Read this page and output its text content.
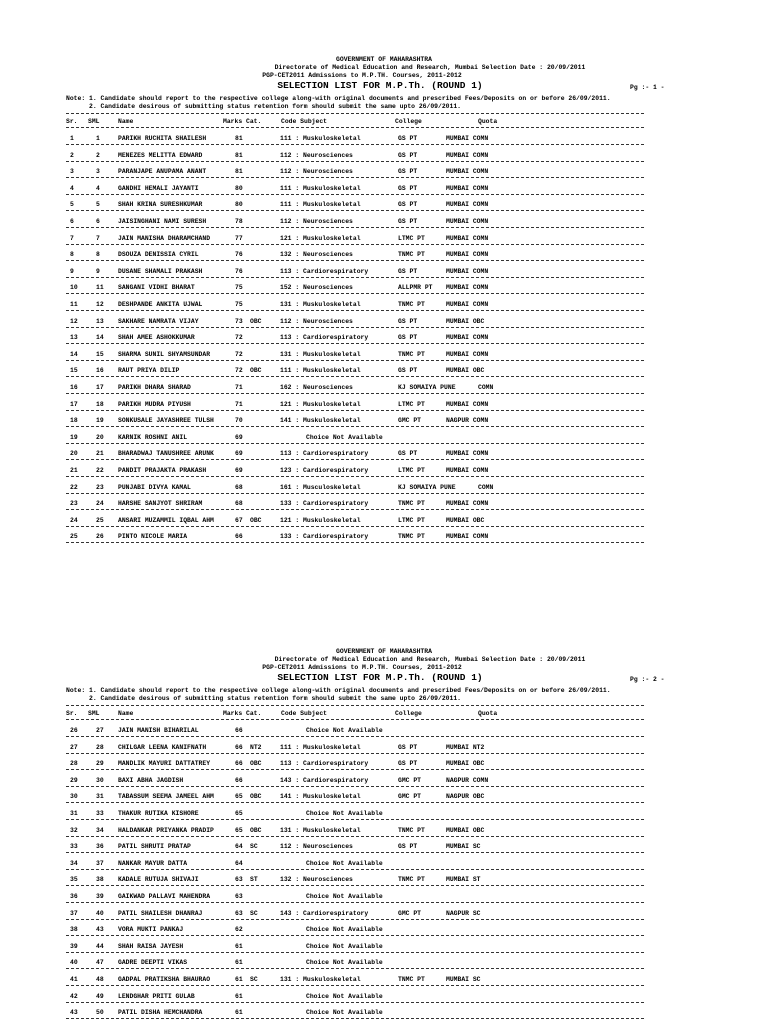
GOVERNMENT OF MAHARASHTRA
Directorate of Medical Education and Research, Mumbai Selection Date : 20/09/2011
PGP-CET2011 Admissions to M.P.TH. Courses, 2011-2012
SELECTION LIST FOR M.P.Th. (ROUND 1)	Pg :- 1 -
Note: 1. Candidate should report to the respective college along-with original documents and prescribed Fees/Deposits on or before 26/09/2011.
2. Candidate desirous of submitting status retention form should submit the same upto 26/09/2011.
Sr. SML	Name	Marks Cat.	Code Subject	College	Quota
1	1	PARIKH RUCHITA SHAILESH	81	111 : Muskuloskeletal	GS PT	MUMBAI COMN
2	2	MENEZES MELITTA EDWARD	81	112 : Neurosciences	GS PT	MUMBAI COMN
3	3	PARANJAPE ANUPAMA ANANT	81	112 : Neurosciences	GS PT	MUMBAI COMN
4	4	GANDHI HEMALI JAYANTI	80	111 : Muskuloskeletal	GS PT	MUMBAI COMN
5	5	SHAH KRINA SURESHKUMAR	80	111 : Muskuloskeletal	GS PT	MUMBAI COMN
6	6	JAISINGHANI NAMI SURESH	78	112 : Neurosciences	GS PT	MUMBAI COMN
7	7	JAIN MANISHA DHARAMCHAND	77	121 : Muskuloskeletal	LTMC PT	MUMBAI COMN
8	8	DSOUZA DENISSIA CYRIL	76	132 : Neurosciences	TNMC PT	MUMBAI COMN
9	9	DUSANE SHAMALI PRAKASH	76	113 : Cardiorespiratory	GS PT	MUMBAI COMN
10	11 SANGANI VIDHI BHARAT	75	152 : Neurosciences	ALLPMR PT MUMBAI COMN
11	12 DESHPANDE ANKITA UJWAL	75	131 : Muskuloskeletal	TNMC PT	MUMBAI COMN
12	13 SAKHARE NAMRATA VIJAY	73 OBC	112 : Neurosciences	GS PT	MUMBAI OBC
13	14 SHAH AMEE ASHOKKUMAR	72	113 : Cardiorespiratory	GS PT	MUMBAI COMN
14	15 SHARMA SUNIL SHYAMSUNDAR	72	131 : Muskuloskeletal	TNMC PT	MUMBAI COMN
15	16 RAUT PRIYA DILIP	72 OBC	111 : Muskuloskeletal	GS PT	MUMBAI OBC
16	17 PARIKH DHARA SHARAD	71	162 : Neurosciences	KJ SOMAIYA PUNE	COMN
17	18 PARIKH MUDRA PIYUSH	71	121 : Muskuloskeletal	LTMC PT	MUMBAI COMN
18	19 SONKUSALE JAYASHREE TULSH	70	141 : Muskuloskeletal	GMC PT	NAGPUR COMN
19	20 KARNIK ROSHNI ANIL	69	Choice Not Available
20	21 BHARADWAJ TANUSHREE ARUNK	69	113 : Cardiorespiratory	GS PT	MUMBAI COMN
21	22 PANDIT PRAJAKTA PRAKASH	69	123 : Cardiorespiratory	LTMC PT	MUMBAI COMN
22	23 PUNJABI DIVYA KAMAL	68	161 : Musculoskeletal	KJ SOMAIYA PUNE	COMN
23	24 HARSHE SANJYOT SHRIRAM	68	133 : Cardiorespiratory	TNMC PT	MUMBAI COMN
24	25 ANSARI MUZAMMIL IQBAL AHM	67 OBC	121 : Muskuloskeletal	LTMC PT	MUMBAI OBC
25	26 PINTO NICOLE MARIA	66	133 : Cardiorespiratory	TNMC PT	MUMBAI COMN
GOVERNMENT OF MAHARASHTRA
Directorate of Medical Education and Research, Mumbai Selection Date : 20/09/2011
PGP-CET2011 Admissions to M.P.TH. Courses, 2011-2012
SELECTION LIST FOR M.P.Th. (ROUND 1)	Pg :- 2 -
Note: 1. Candidate should report to the respective college along-with original documents and prescribed Fees/Deposits on or before 26/09/2011.
2. Candidate desirous of submitting status retention form should submit the same upto 26/09/2011.
Sr. SML	Name	Marks Cat.	Code Subject	College	Quota
26	27 JAIN MANISH BIHARILAL	66	Choice Not Available
27	28 CHILGAR LEENA KANIFNATH	66 NT2	111 : Muskuloskeletal	GS PT	MUMBAI NT2
28	29 MANDLIK MAYURI DATTATREY	66 OBC	113 : Cardiorespiratory	GS PT	MUMBAI OBC
29	30 BAXI ABHA JAGDISH	66	143 : Cardiorespiratory	GMC PT	NAGPUR COMN
30	31 TABASSUM SEEMA JAMEEL AHM	65 OBC	141 : Muskuloskeletal	GMC PT	NAGPUR OBC
31	33 THAKUR RUTIKA KISHORE	65	Choice Not Available
32	34 HALDANKAR PRIYANKA PRADIP	65 OBC	131 : Muskuloskeletal	TNMC PT	MUMBAI OBC
33	36 PATIL SHRUTI PRATAP	64 SC	112 : Neurosciences	GS PT	MUMBAI SC
34	37 NANKAR MAYUR DATTA	64	Choice Not Available
35	38 KADALE RUTUJA SHIVAJI	63 ST	132 : Neurosciences	TNMC PT	MUMBAI ST
36	39 GAIKWAD PALLAVI MAHENDRA	63	Choice Not Available
37	40 PATIL SHAILESH DHANRAJ	63 SC	143 : Cardiorespiratory	GMC PT	NAGPUR SC
38	43 VORA MUKTI PANKAJ	62	Choice Not Available
39	44 SHAH RAISA JAYESH	61	Choice Not Available
40	47 GADRE DEEPTI VIKAS	61	Choice Not Available
41	48 GADPAL PRATIKSHA BHAURAO	61 SC	131 : Muskuloskeletal	TNMC PT	MUMBAI SC
42	49 LENDGHAR PRITI GULAB	61	Choice Not Available
43	50 PATIL DISHA HEMCHANDRA	61	Choice Not Available
